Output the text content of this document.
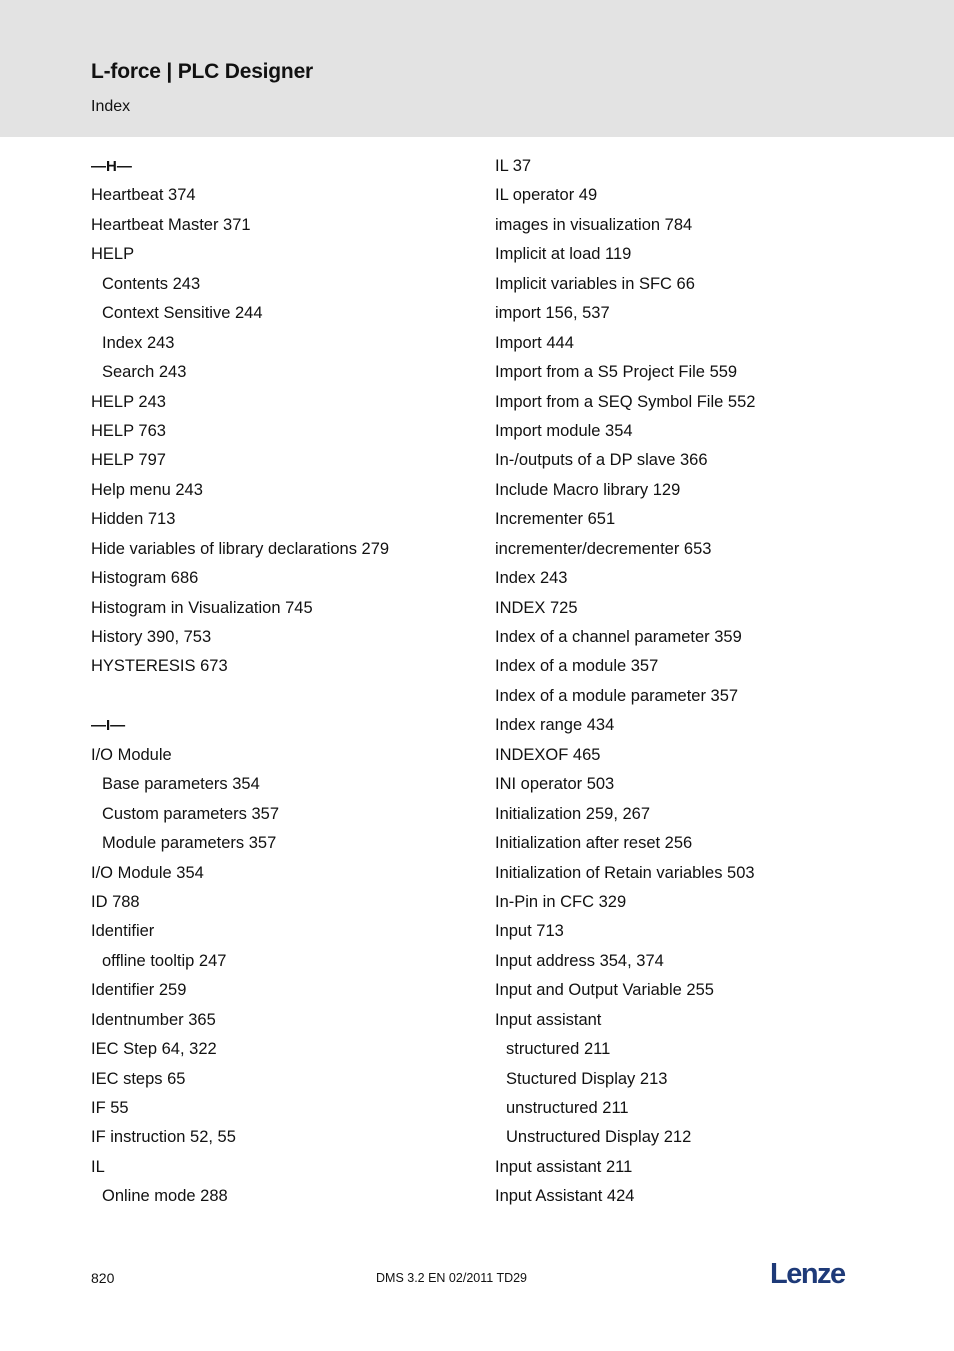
L-force | PLC Designer
Index
—H—
Heartbeat 374
Heartbeat Master 371
HELP
Contents 243
Context Sensitive 244
Index 243
Search 243
HELP 243
HELP 763
HELP 797
Help menu 243
Hidden 713
Hide variables of library declarations 279
Histogram 686
Histogram in Visualization 745
History 390, 753
HYSTERESIS 673
—I—
I/O Module
Base parameters 354
Custom parameters 357
Module parameters 357
I/O Module 354
ID 788
Identifier
offline tooltip 247
Identifier 259
Identnumber 365
IEC Step 64, 322
IEC steps 65
IF 55
IF instruction 52, 55
IL
Online mode 288
IL 37
IL operator 49
images in visualization 784
Implicit at load 119
Implicit variables in SFC 66
import 156, 537
Import 444
Import from a S5 Project File 559
Import from a SEQ Symbol File 552
Import module 354
In-/outputs of a DP slave 366
Include Macro library 129
Incrementer 651
incrementer/decrementer 653
Index 243
INDEX 725
Index of a channel parameter 359
Index of a module 357
Index of a module parameter 357
Index range 434
INDEXOF 465
INI operator 503
Initialization 259, 267
Initialization after reset 256
Initialization of Retain variables 503
In-Pin in CFC 329
Input 713
Input address 354, 374
Input and Output Variable 255
Input assistant
structured 211
Stuctured Display 213
unstructured 211
Unstructured Display 212
Input assistant 211
Input Assistant 424
820	DMS 3.2 EN 02/2011 TD29	Lenze
